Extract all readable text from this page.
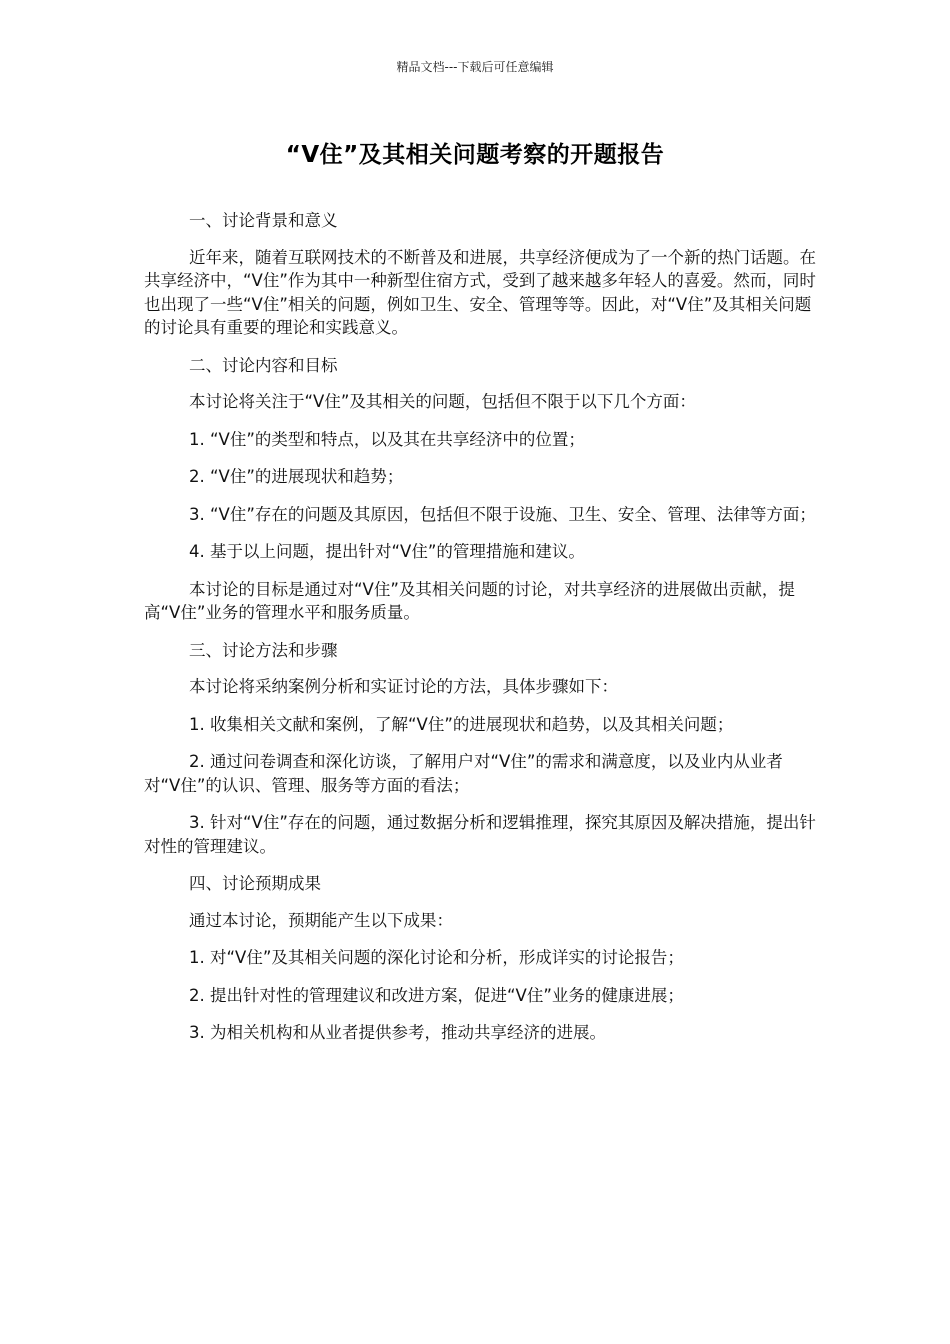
精品文档---下载后可任意编辑
“V住”及其相关问题考察的开题报告

一、讨论背景和意义

近年来，随着互联网技术的不断普及和进展，共享经济便成为了一个新的热门话题。在共享经济中，“V住”作为其中一种新型住宿方式，受到了越来越多年轻人的喜爱。然而，同时也出现了一些“V住”相关的问题，例如卫生、安全、管理等等。因此，对“V住”及其相关问题的讨论具有重要的理论和实践意义。

二、讨论内容和目标

本讨论将关注于“V住”及其相关的问题，包括但不限于以下几个方面：

1. “V住”的类型和特点，以及其在共享经济中的位置；

2. “V住”的进展现状和趋势；

3. “V住”存在的问题及其原因，包括但不限于设施、卫生、安全、管理、法律等方面；

4. 基于以上问题，提出针对“V住”的管理措施和建议。

本讨论的目标是通过对“V住”及其相关问题的讨论，对共享经济的进展做出贡献，提高“V住”业务的管理水平和服务质量。

三、讨论方法和步骤

本讨论将采纳案例分析和实证讨论的方法，具体步骤如下：

1. 收集相关文献和案例，了解“V住”的进展现状和趋势，以及其相关问题；

2. 通过问卷调查和深化访谈，了解用户对“V住”的需求和满意度，以及业内从业者对“V住”的认识、管理、服务等方面的看法；

3. 针对“V住”存在的问题，通过数据分析和逻辑推理，探究其原因及解决措施，提出针对性的管理建议。

四、讨论预期成果

通过本讨论，预期能产生以下成果：

1. 对“V住”及其相关问题的深化讨论和分析，形成详实的讨论报告；

2. 提出针对性的管理建议和改进方案，促进“V住”业务的健康进展；

3. 为相关机构和从业者提供参考，推动共享经济的进展。
